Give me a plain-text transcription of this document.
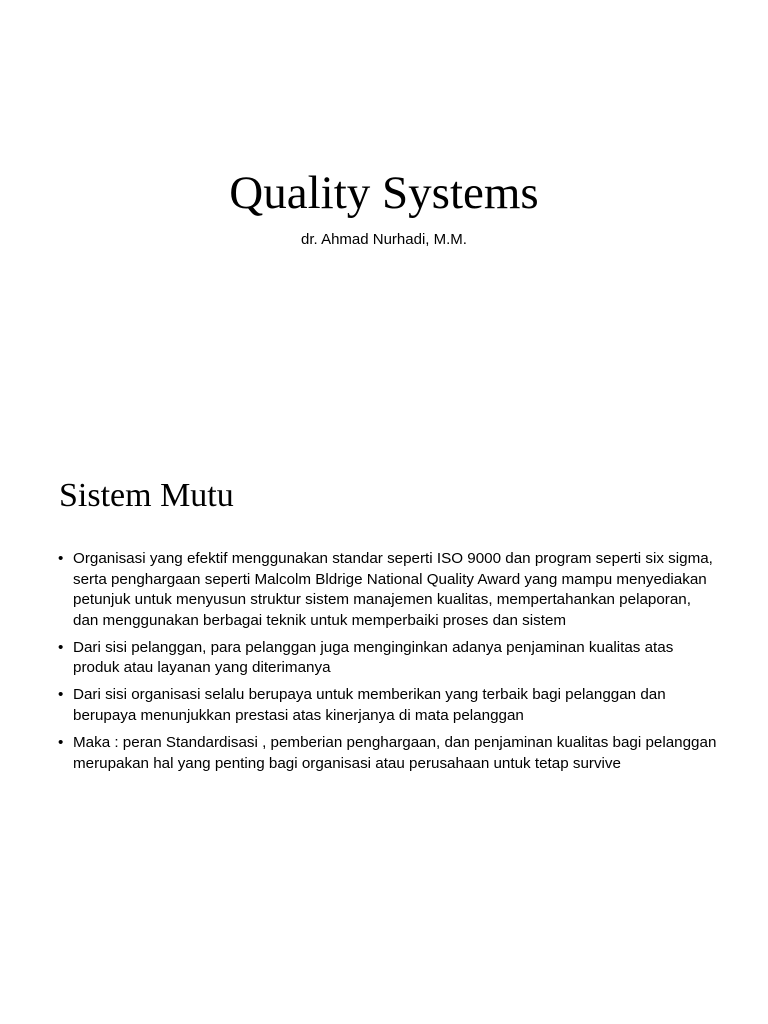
Quality Systems

dr. Ahmad Nurhadi, M.M.

Sistem Mutu
• Organisasi yang efektif menggunakan standar seperti ISO 9000 dan program seperti six sigma, serta penghargaan seperti Malcolm Bldrige National Quality Award yang mampu menyediakan petunjuk untuk menyusun struktur sistem manajemen kualitas, mempertahankan pelaporan, dan menggunakan berbagai teknik untuk memperbaiki proses dan sistem
• Dari sisi pelanggan, para pelanggan juga menginginkan adanya penjaminan kualitas atas produk atau layanan yang diterimanya
• Dari sisi organisasi selalu berupaya untuk memberikan yang terbaik bagi pelanggan dan berupaya menunjukkan prestasi atas kinerjanya di mata pelanggan
• Maka : peran Standardisasi , pemberian penghargaan, dan penjaminan kualitas bagi pelanggan merupakan hal yang penting bagi organisasi atau perusahaan untuk tetap survive
